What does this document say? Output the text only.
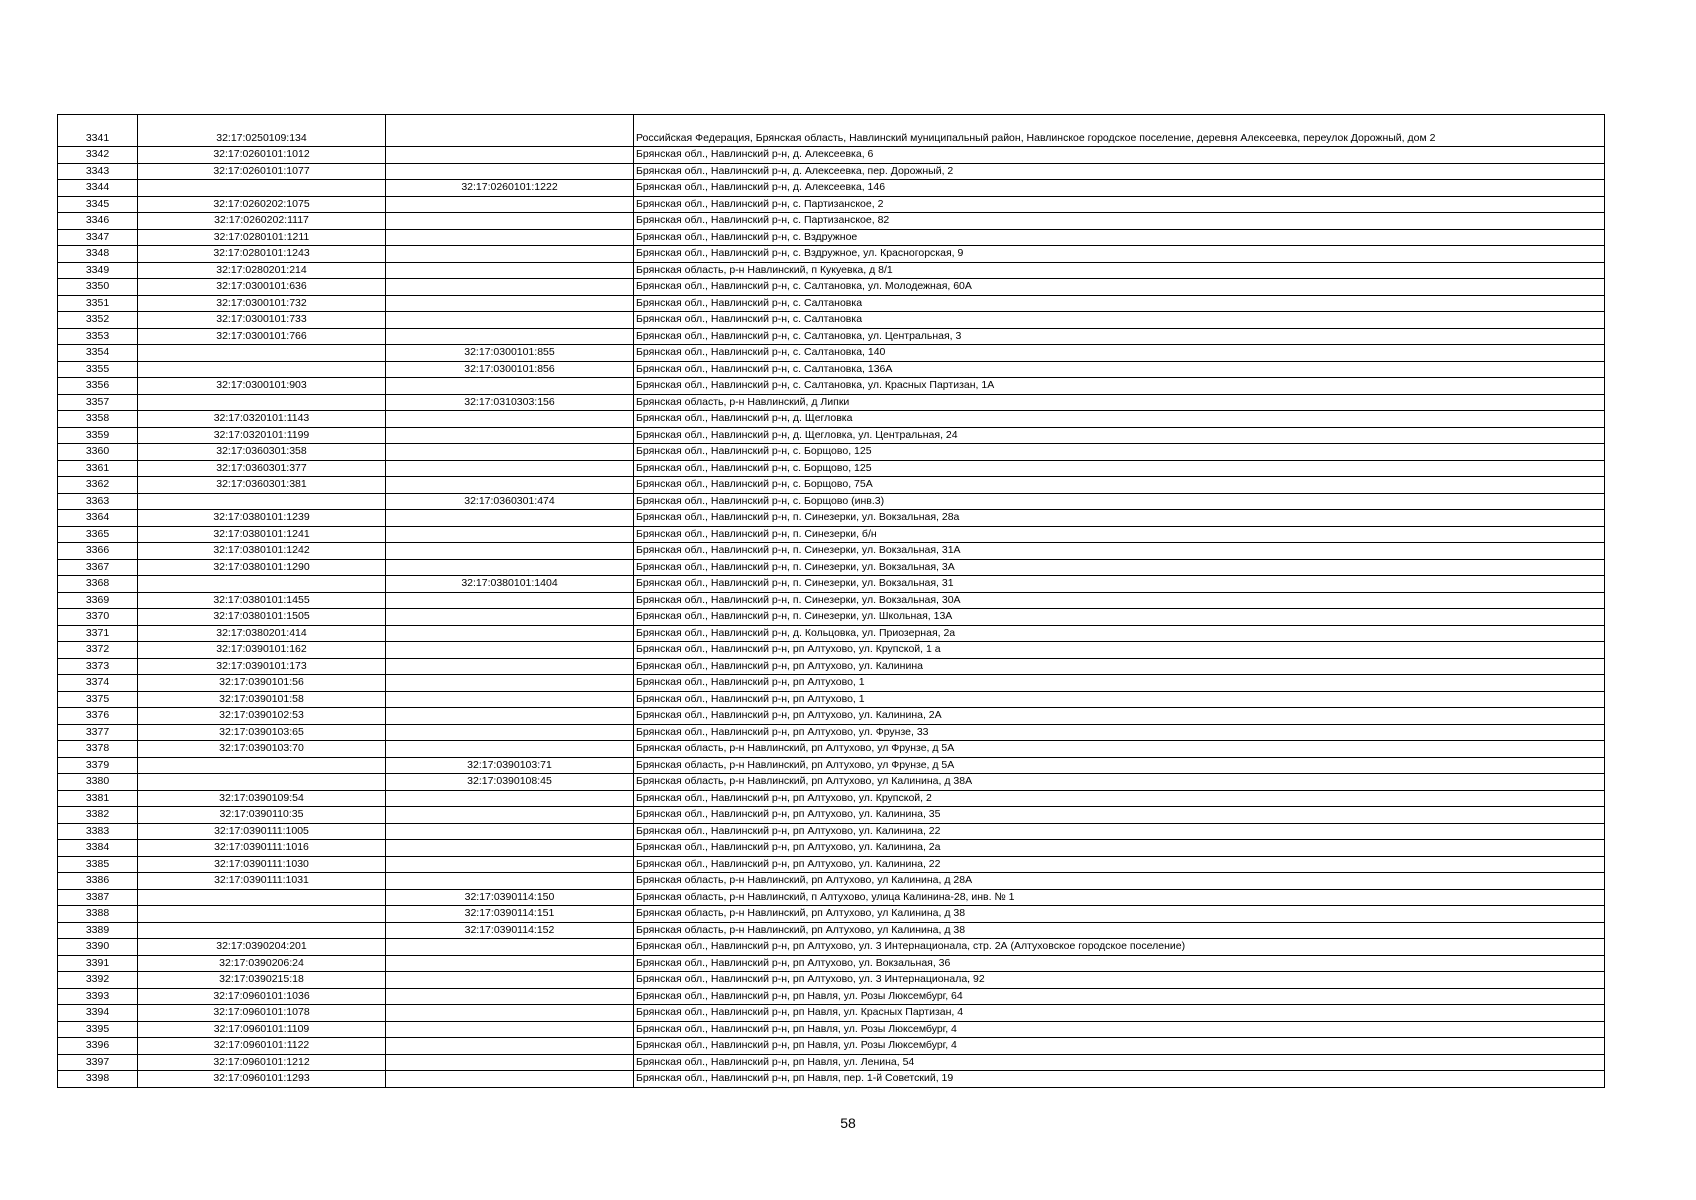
3341	32:17:0250109:134		Российская Федерация, Брянская область, Навлинский муниципальный район, Навлинское городское поселение, деревня Алексеевка, переулок Дорожный, дом 2
3342	32:17:0260101:1012		Брянская обл., Навлинский р-н, д. Алексеевка, 6
3343	32:17:0260101:1077		Брянская обл., Навлинский р-н, д. Алексеевка, пер. Дорожный, 2
3344		32:17:0260101:1222	Брянская обл., Навлинский р-н, д. Алексеевка, 146
3345	32:17:0260202:1075		Брянская обл., Навлинский р-н, с. Партизанское, 2
3346	32:17:0260202:1117		Брянская обл., Навлинский р-н, с. Партизанское, 82
3347	32:17:0280101:1211		Брянская обл., Навлинский р-н, с. Вздружное
3348	32:17:0280101:1243		Брянская обл., Навлинский р-н, с. Вздружное, ул. Красногорская, 9
3349	32:17:0280201:214		Брянская область, р-н Навлинский, п Кукуевка, д 8/1
3350	32:17:0300101:636		Брянская обл., Навлинский р-н, с. Салтановка, ул. Молодежная, 60А
3351	32:17:0300101:732		Брянская обл., Навлинский р-н, с. Салтановка
3352	32:17:0300101:733		Брянская обл., Навлинский р-н, с. Салтановка
3353	32:17:0300101:766		Брянская обл., Навлинский р-н, с. Салтановка, ул. Центральная, 3
3354		32:17:0300101:855	Брянская обл., Навлинский р-н, с. Салтановка, 140
3355		32:17:0300101:856	Брянская обл., Навлинский р-н, с. Салтановка, 136А
3356	32:17:0300101:903		Брянская обл., Навлинский р-н, с. Салтановка, ул. Красных Партизан, 1А
3357		32:17:0310303:156	Брянская область, р-н Навлинский, д Липки
3358	32:17:0320101:1143		Брянская обл., Навлинский р-н, д. Щегловка
3359	32:17:0320101:1199		Брянская обл., Навлинский р-н, д. Щегловка, ул. Центральная, 24
3360	32:17:0360301:358		Брянская обл., Навлинский р-н, с. Борщово, 125
3361	32:17:0360301:377		Брянская обл., Навлинский р-н, с. Борщово, 125
3362	32:17:0360301:381		Брянская обл., Навлинский р-н, с. Борщово, 75А
3363		32:17:0360301:474	Брянская обл., Навлинский р-н, с. Борщово (инв.3)
3364	32:17:0380101:1239		Брянская обл., Навлинский р-н, п. Синезерки, ул. Вокзальная, 28а
3365	32:17:0380101:1241		Брянская обл., Навлинский р-н, п. Синезерки, б/н
3366	32:17:0380101:1242		Брянская обл., Навлинский р-н, п. Синезерки, ул. Вокзальная, 31А
3367	32:17:0380101:1290		Брянская обл., Навлинский р-н, п. Синезерки, ул. Вокзальная, 3А
3368		32:17:0380101:1404	Брянская обл., Навлинский р-н, п. Синезерки, ул. Вокзальная, 31
3369	32:17:0380101:1455		Брянская обл., Навлинский р-н, п. Синезерки, ул. Вокзальная, 30А
3370	32:17:0380101:1505		Брянская обл., Навлинский р-н, п. Синезерки, ул. Школьная, 13А
3371	32:17:0380201:414		Брянская обл., Навлинский р-н, д. Кольцовка, ул. Приозерная, 2а
3372	32:17:0390101:162		Брянская обл., Навлинский р-н, рп Алтухово, ул. Крупской, 1 а
3373	32:17:0390101:173		Брянская обл., Навлинский р-н, рп Алтухово, ул. Калинина
3374	32:17:0390101:56		Брянская обл., Навлинский р-н, рп Алтухово, 1
3375	32:17:0390101:58		Брянская обл., Навлинский р-н, рп Алтухово, 1
3376	32:17:0390102:53		Брянская обл., Навлинский р-н, рп Алтухово, ул. Калинина, 2А
3377	32:17:0390103:65		Брянская обл., Навлинский р-н, рп Алтухово, ул. Фрунзе, 33
3378	32:17:0390103:70		Брянская область, р-н Навлинский, рп Алтухово, ул Фрунзе, д 5А
3379		32:17:0390103:71	Брянская область, р-н Навлинский, рп Алтухово, ул Фрунзе, д 5А
3380		32:17:0390108:45	Брянская область, р-н Навлинский, рп Алтухово, ул Калинина, д 38А
3381	32:17:0390109:54		Брянская обл., Навлинский р-н, рп Алтухово, ул. Крупской, 2
3382	32:17:0390110:35		Брянская обл., Навлинский р-н, рп Алтухово, ул. Калинина, 35
3383	32:17:0390111:1005		Брянская обл., Навлинский р-н, рп Алтухово, ул. Калинина, 22
3384	32:17:0390111:1016		Брянская обл., Навлинский р-н, рп Алтухово, ул. Калинина, 2а
3385	32:17:0390111:1030		Брянская обл., Навлинский р-н, рп Алтухово, ул. Калинина, 22
3386	32:17:0390111:1031		Брянская область, р-н Навлинский, рп Алтухово, ул Калинина, д 28А
3387		32:17:0390114:150	Брянская область, р-н Навлинский, п Алтухово, улица Калинина-28, инв. № 1
3388		32:17:0390114:151	Брянская область, р-н Навлинский, рп Алтухово, ул Калинина, д 38
3389		32:17:0390114:152	Брянская область, р-н Навлинский, рп Алтухово, ул Калинина, д 38
3390	32:17:0390204:201		Брянская обл., Навлинский р-н, рп Алтухово, ул. 3 Интернационала, стр. 2А (Алтуховское городское поселение)
3391	32:17:0390206:24		Брянская обл., Навлинский р-н, рп Алтухово, ул. Вокзальная, 36
3392	32:17:0390215:18		Брянская обл., Навлинский р-н, рп Алтухово, ул. 3 Интернационала, 92
3393	32:17:0960101:1036		Брянская обл., Навлинский р-н, рп Навля, ул. Розы Люксембург, 64
3394	32:17:0960101:1078		Брянская обл., Навлинский р-н, рп Навля, ул. Красных Партизан, 4
3395	32:17:0960101:1109		Брянская обл., Навлинский р-н, рп Навля, ул. Розы Люксембург, 4
3396	32:17:0960101:1122		Брянская обл., Навлинский р-н, рп Навля, ул. Розы Люксембург, 4
3397	32:17:0960101:1212		Брянская обл., Навлинский р-н, рп Навля, ул. Ленина, 54
3398	32:17:0960101:1293		Брянская обл., Навлинский р-н, рп Навля, пер. 1-й Советский, 19
58
